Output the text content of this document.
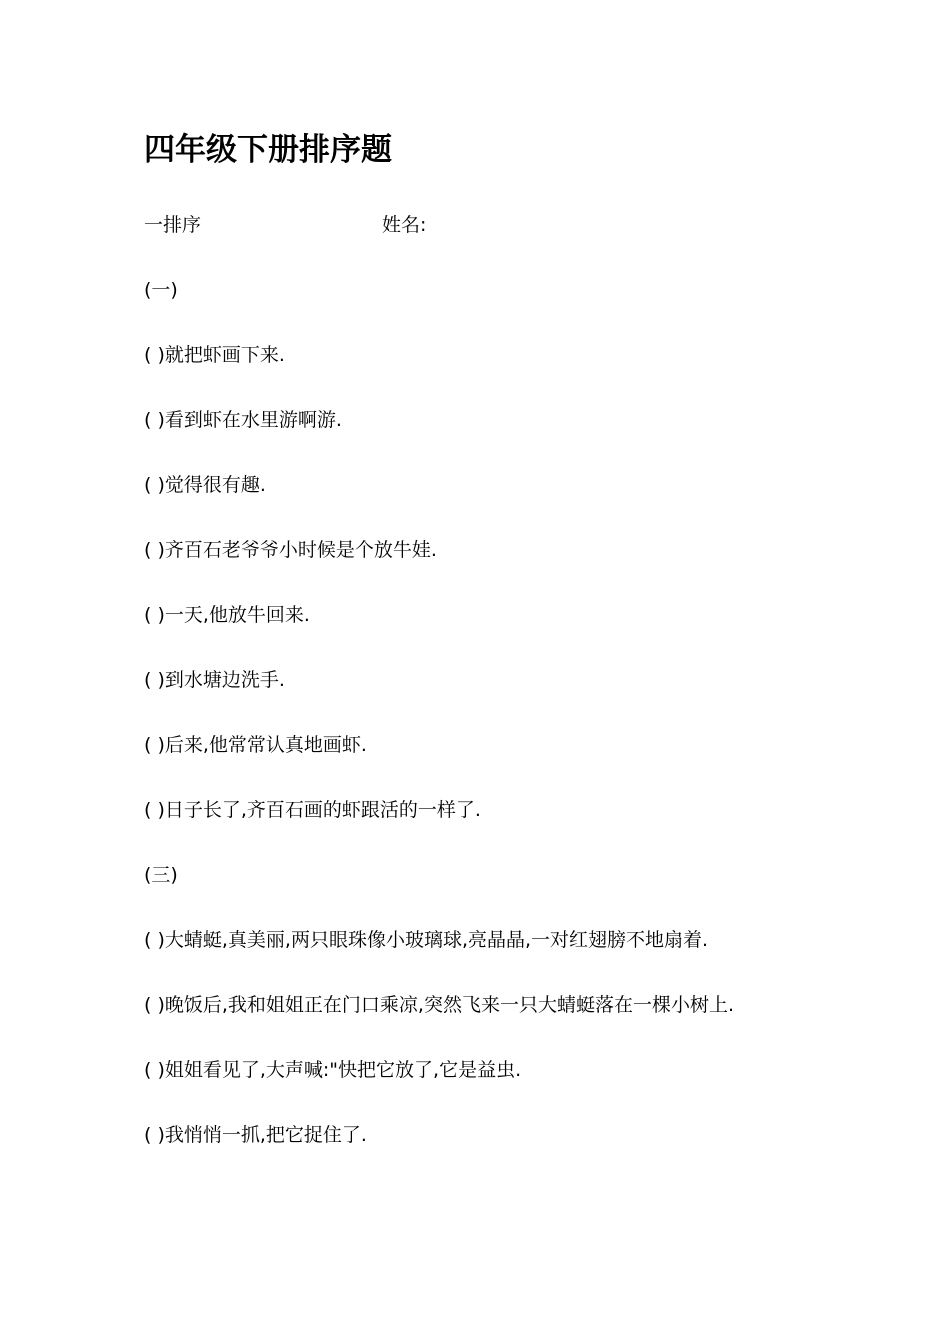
四年级下册排序题
一排序	姓名:
(一)
( )就把虾画下来.
( )看到虾在水里游啊游.
( )觉得很有趣.
( )齐百石老爷爷小时候是个放牛娃.
( )一天,他放牛回来.
( )到水塘边洗手.
( )后来,他常常认真地画虾.
( )日子长了,齐百石画的虾跟活的一样了.
(三)
( )大蜻蜓,真美丽,两只眼珠像小玻璃球,亮晶晶,一对红翅膀不地扇着.
( )晚饭后,我和姐姐正在门口乘凉,突然飞来一只大蜻蜓落在一棵小树上.
( )姐姐看见了,大声喊:"快把它放了,它是益虫.
( )我悄悄一抓,把它捉住了.
